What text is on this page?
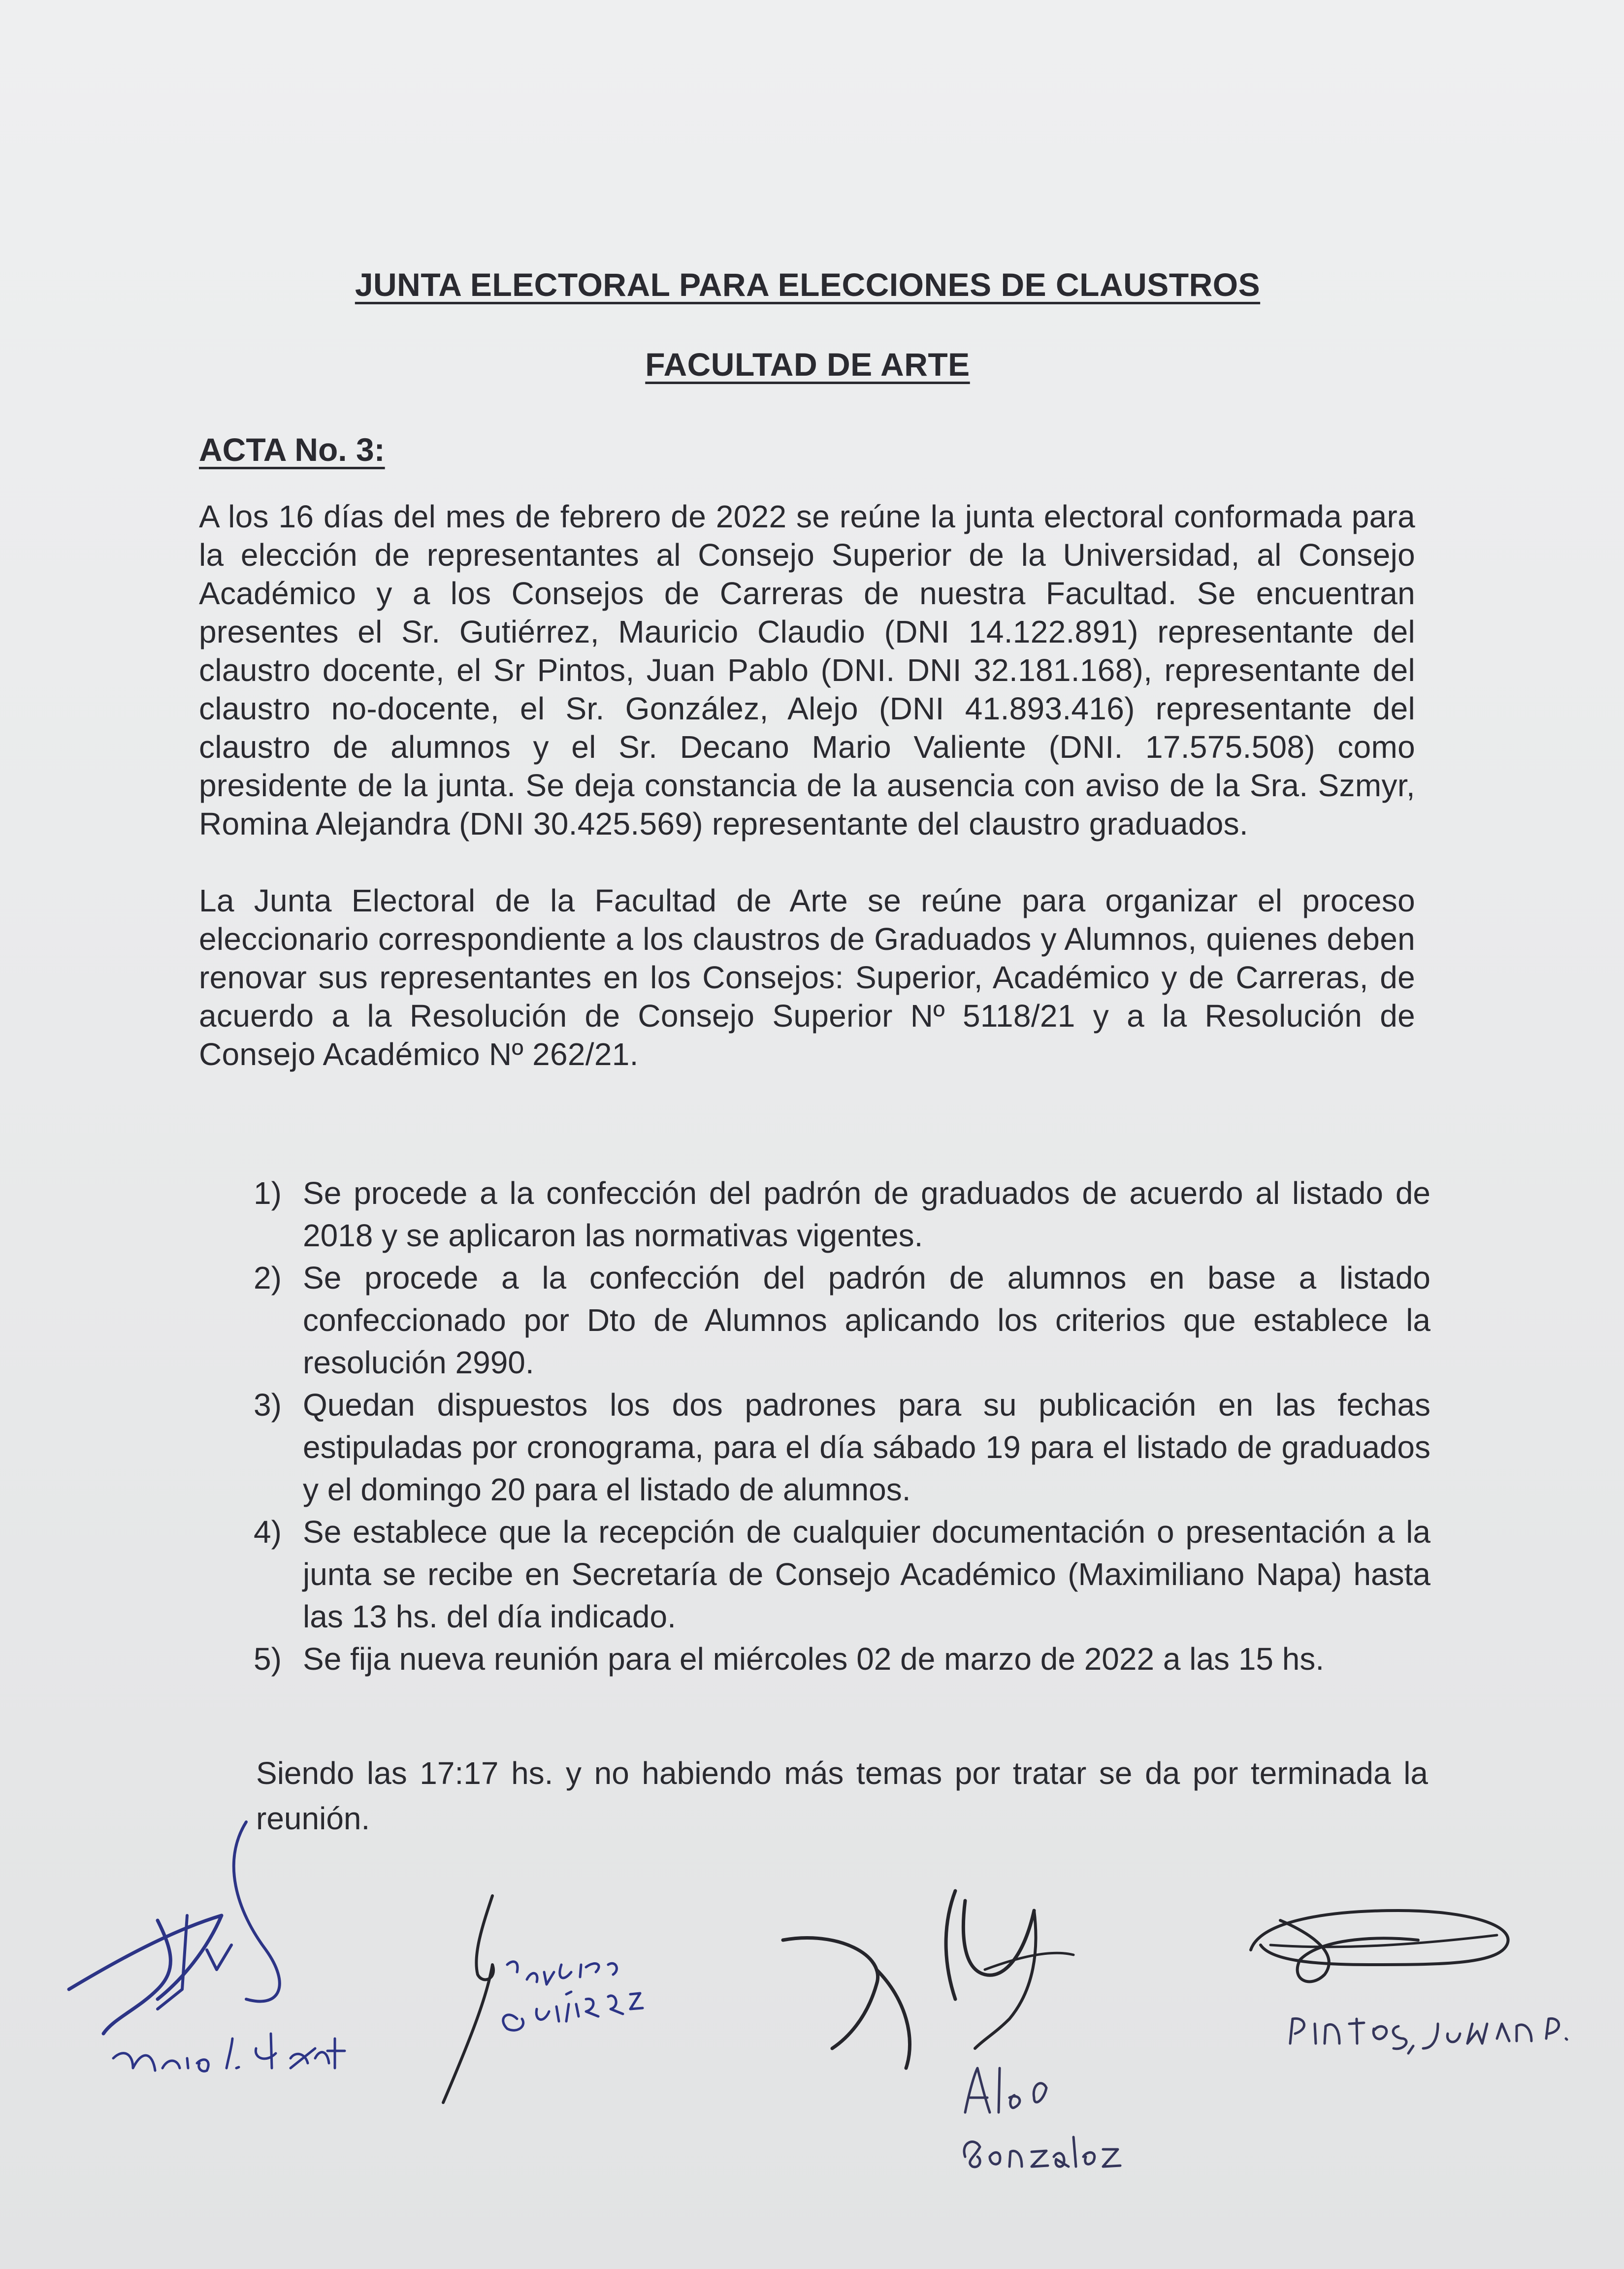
JUNTA ELECTORAL PARA ELECCIONES DE CLAUSTROS
FACULTAD DE ARTE
ACTA No. 3:
A los 16 días del mes de febrero de 2022 se reúne la junta electoral conformada para la elección de representantes al Consejo Superior de la Universidad, al Consejo Académico y a los Consejos de Carreras de nuestra Facultad. Se encuentran presentes el Sr. Gutiérrez, Mauricio Claudio (DNI 14.122.891) representante del claustro docente, el Sr Pintos, Juan Pablo (DNI. DNI 32.181.168), representante del claustro no-docente, el Sr. González, Alejo (DNI 41.893.416) representante del claustro de alumnos y el Sr. Decano Mario Valiente (DNI. 17.575.508) como presidente de la junta. Se deja constancia de la ausencia con aviso de la Sra. Szmyr, Romina Alejandra (DNI 30.425.569) representante del claustro graduados.
La Junta Electoral de la Facultad de Arte se reúne para organizar el proceso eleccionario correspondiente a los claustros de Graduados y Alumnos, quienes deben renovar sus representantes en los Consejos: Superior, Académico y de Carreras, de acuerdo a la Resolución de Consejo Superior Nº 5118/21 y a la Resolución de Consejo Académico Nº 262/21.
1) Se procede a la confección del padrón de graduados de acuerdo al listado de 2018 y se aplicaron las normativas vigentes.
2) Se procede a la confección del padrón de alumnos en base a listado confeccionado por Dto de Alumnos aplicando los criterios que establece la resolución 2990.
3) Quedan dispuestos los dos padrones para su publicación en las fechas estipuladas por cronograma, para el día sábado 19 para el listado de graduados y el domingo 20 para el listado de alumnos.
4) Se establece que la recepción de cualquier documentación o presentación a la junta se recibe en Secretaría de Consejo Académico (Maximiliano Napa) hasta las 13 hs. del día indicado.
5) Se fija nueva reunión para el miércoles 02 de marzo de 2022 a las 15 hs.
Siendo las 17:17 hs. y no habiendo más temas por tratar se da por terminada la reunión.
